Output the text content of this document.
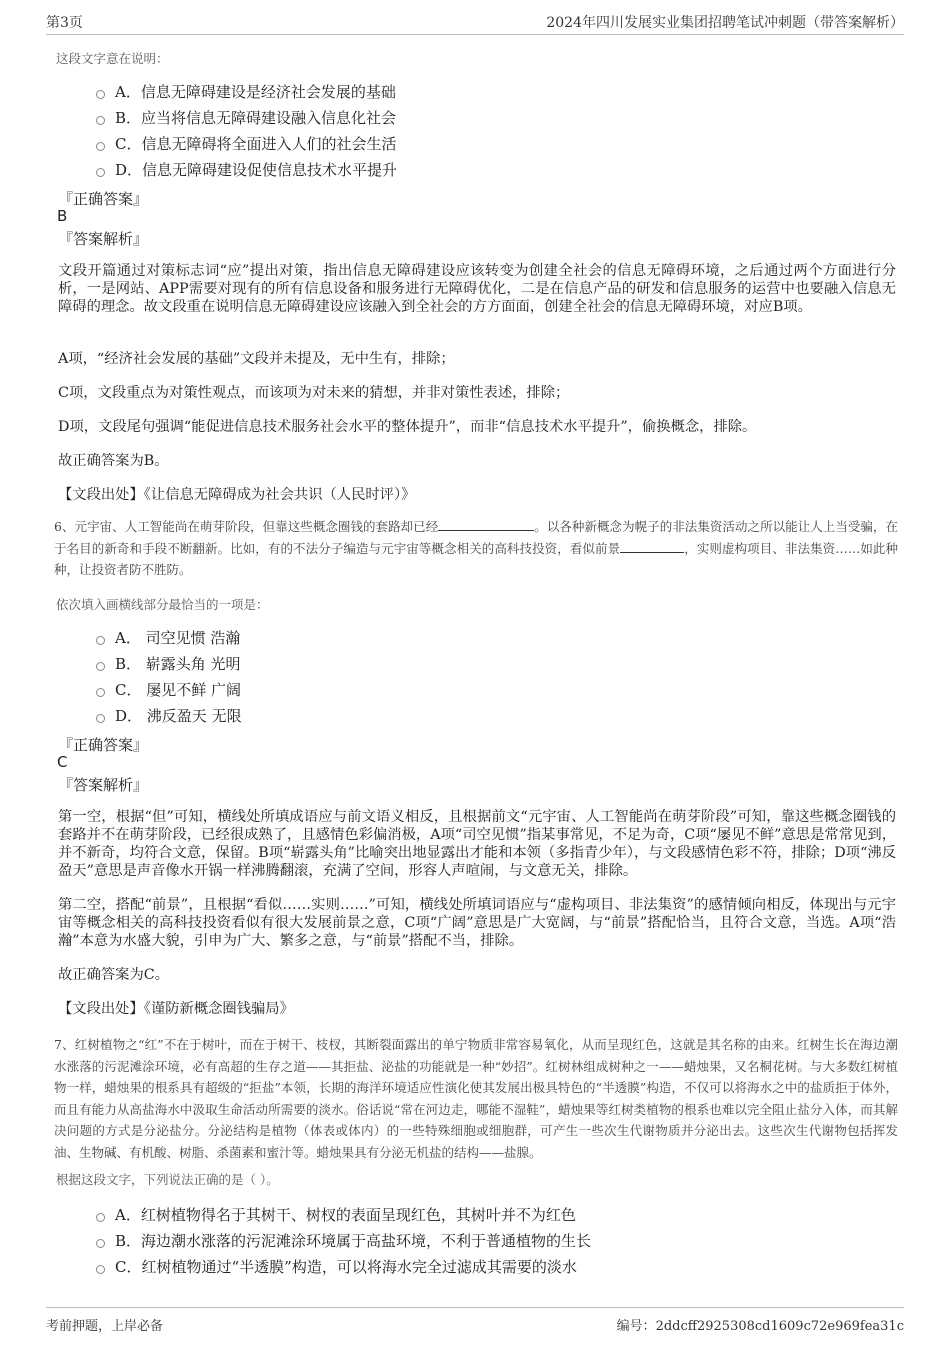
第3页	2024年四川发展实业集团招聘笔试冲刺题（带答案解析）
这段文字意在说明：
A．信息无障碍建设是经济社会发展的基础
B．应当将信息无障碍建设融入信息化社会
C．信息无障碍将全面进入人们的社会生活
D．信息无障碍建设促使信息技术水平提升
『正确答案』
B
『答案解析』
文段开篇通过对策标志词“应”提出对策，指出信息无障碍建设应该转变为创建全社会的信息无障碍环境，之后通过两个方面进行分析，一是网站、APP需要对现有的所有信息设备和服务进行无障碍优化，二是在信息产品的研发和信息服务的运营中也要融入信息无障碍的理念。故文段重在说明信息无障碍建设应该融入到全社会的方方面面，创建全社会的信息无障碍环境，对应B项。
A项，“经济社会发展的基础”文段并未提及，无中生有，排除；
C项，文段重点为对策性观点，而该项为对未来的猜想，并非对策性表述，排除；
D项，文段尾句强调“能促进信息技术服务社会水平的整体提升”，而非“信息技术水平提升”，偷换概念，排除。
故正确答案为B。
【文段出处】《让信息无障碍成为社会共识（人民时评）》
6、元宇宙、人工智能尚在萌芽阶段，但靠这些概念圈钱的套路却已经	。以各种新概念为幌子的非法集资活动之所以能让人上当受骗，在于名目的新奇和手段不断翻新。比如，有的不法分子编造与元宇宙等概念相关的高科技投资，看似前景	，实则虚构项目、非法集资……如此种种，让投资者防不胜防。
依次填入画横线部分最恰当的一项是：
A． 司空见惯 浩瀚
B． 崭露头角 光明
C． 屡见不鲜 广阔
D． 沸反盈天 无限
『正确答案』
C
『答案解析』
第一空，根据“但”可知，横线处所填成语应与前文语义相反，且根据前文“元宇宙、人工智能尚在萌芽阶段”可知，靠这些概念圈钱的套路并不在萌芽阶段，已经很成熟了，且感情色彩偏消极，A项“司空见惯”指某事常见，不足为奇，C项“屡见不鲜”意思是常常见到，并不新奇，均符合文意，保留。B项“崭露头角”比喻突出地显露出才能和本领（多指青少年），与文段感情色彩不符，排除；D项“沸反盈天”意思是声音像水开锅一样沸腾翻滚，充满了空间，形容人声喧闹，与文意无关，排除。
第二空，搭配“前景”，且根据“看似……实则……”可知，横线处所填词语应与“虚构项目、非法集资”的感情倾向相反，体现出与元宇宙等概念相关的高科技投资看似有很大发展前景之意，C项“广阔”意思是广大宽阔，与“前景”搭配恰当，且符合文意，当选。A项“浩瀚”本意为水盛大貌，引申为广大、繁多之意，与“前景”搭配不当，排除。
故正确答案为C。
【文段出处】《谨防新概念圈钱骗局》
7、红树植物之“红”不在于树叶，而在于树干、枝杈，其断裂面露出的单宁物质非常容易氧化，从而呈现红色，这就是其名称的由来。红树生长在海边潮水涨落的污泥滩涂环境，必有高超的生存之道——其拒盐、泌盐的功能就是一种“妙招”。红树林组成树种之一——蜡烛果，又名桐花树。与大多数红树植物一样，蜡烛果的根系具有超级的“拒盐”本领，长期的海洋环境适应性演化使其发展出极具特色的“半透膜”构造，不仅可以将海水之中的盐质拒于体外，而且有能力从高盐海水中汲取生命活动所需要的淡水。俗话说“常在河边走，哪能不湿鞋”，蜡烛果等红树类植物的根系也难以完全阻止盐分入体，而其解决问题的方式是分泌盐分。分泌结构是植物（体表或体内）的一些特殊细胞或细胞群，可产生一些次生代谢物质并分泌出去。这些次生代谢物包括挥发油、生物碱、有机酸、树脂、杀菌素和蜜汁等。蜡烛果具有分泌无机盐的结构——盐腺。
根据这段文字，下列说法正确的是（ ）。
A．红树植物得名于其树干、树杈的表面呈现红色，其树叶并不为红色
B．海边潮水涨落的污泥滩涂环境属于高盐环境，不利于普通植物的生长
C．红树植物通过“半透膜”构造，可以将海水完全过滤成其需要的淡水
考前押题，上岸必备	编号：2ddcff2925308cd1609c72e969fea31c
